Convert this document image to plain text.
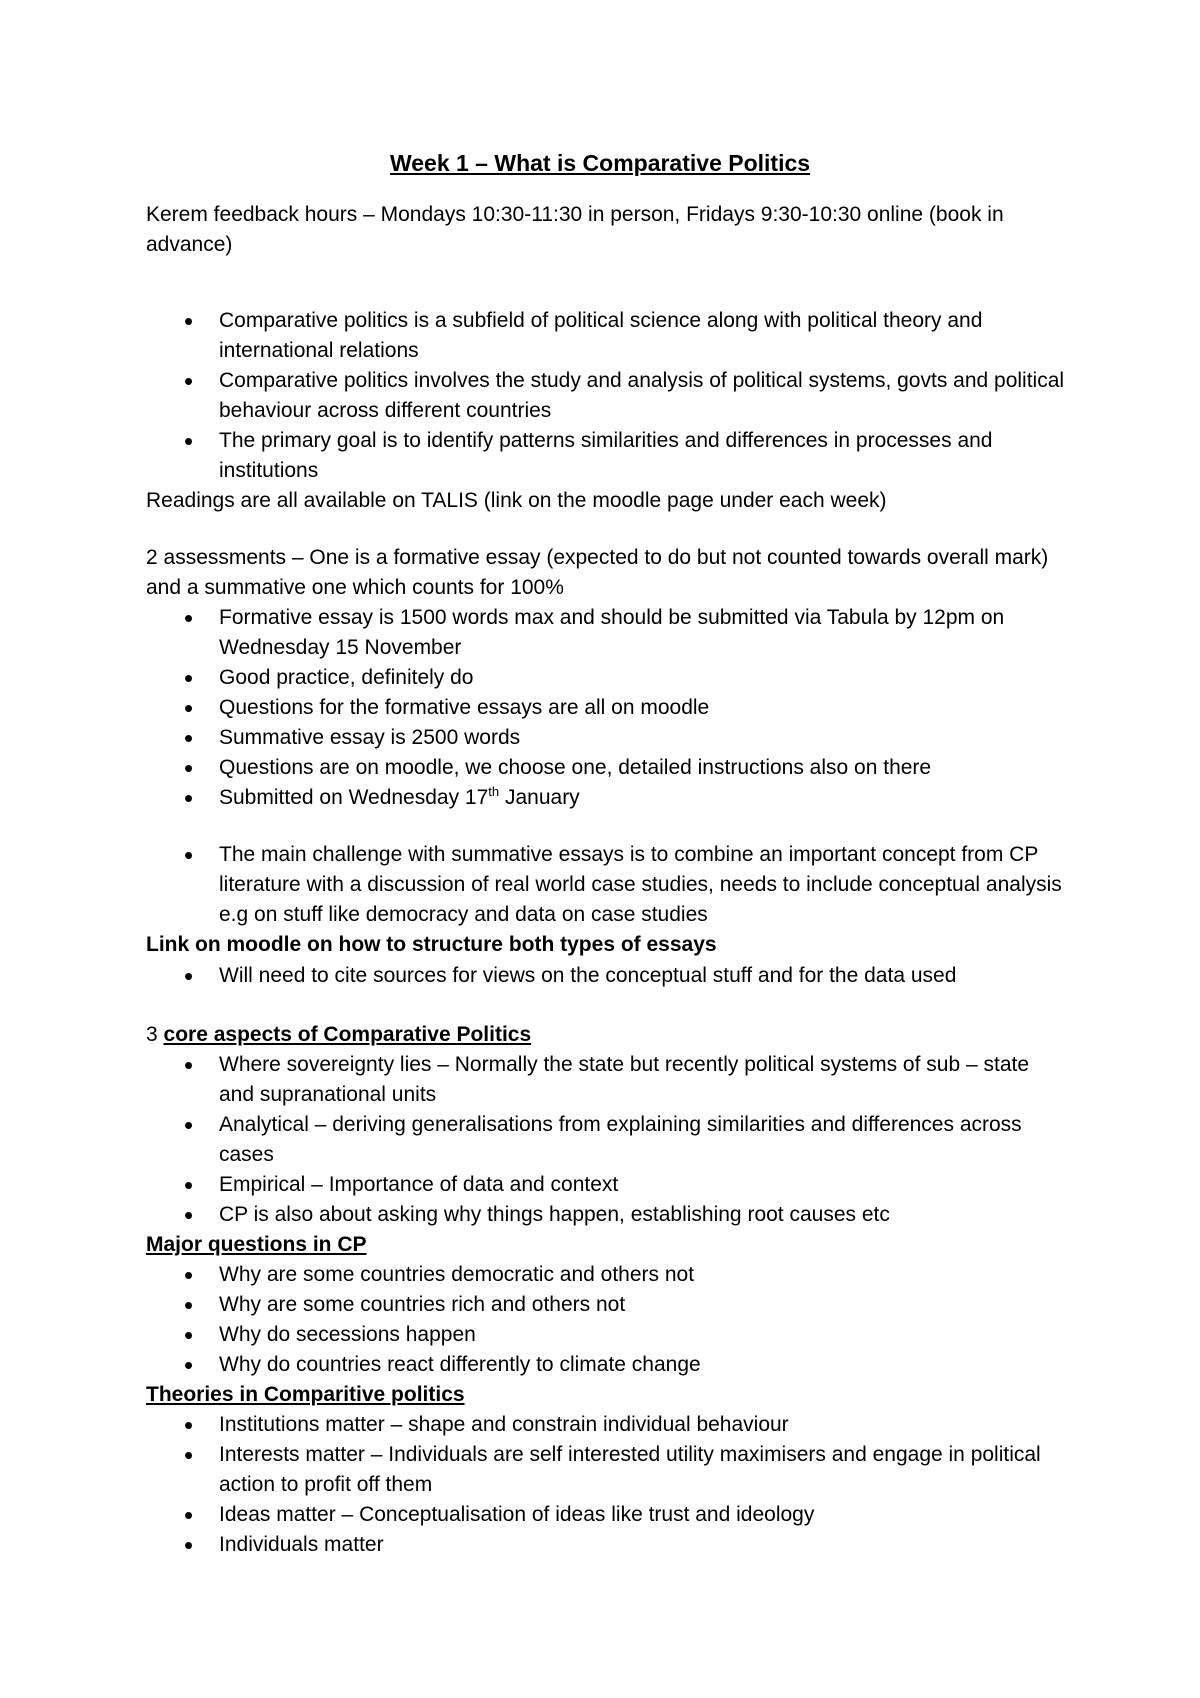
Week 1 – What is Comparative Politics

Kerem feedback hours – Mondays 10:30-11:30 in person, Fridays 9:30-10:30 online (book in advance)

• Comparative politics is a subfield of political science along with political theory and international relations
• Comparative politics involves the study and analysis of political systems, govts and political behaviour across different countries
• The primary goal is to identify patterns similarities and differences in processes and institutions

Readings are all available on TALIS (link on the moodle page under each week)

2 assessments – One is a formative essay (expected to do but not counted towards overall mark) and a summative one which counts for 100%

• Formative essay is 1500 words max and should be submitted via Tabula by 12pm on Wednesday 15 November
• Good practice, definitely do
• Questions for the formative essays are all on moodle
• Summative essay is 2500 words
• Questions are on moodle, we choose one, detailed instructions also on there
• Submitted on Wednesday 17th January
• The main challenge with summative essays is to combine an important concept from CP literature with a discussion of real world case studies, needs to include conceptual analysis e.g on stuff like democracy and data on case studies

Link on moodle on how to structure both types of essays

• Will need to cite sources for views on the conceptual stuff and for the data used

3 core aspects of Comparative Politics

• Where sovereignty lies – Normally the state but recently political systems of sub – state and supranational units
• Analytical – deriving generalisations from explaining similarities and differences across cases
• Empirical – Importance of data and context
• CP is also about asking why things happen, establishing root causes etc

Major questions in CP

• Why are some countries democratic and others not
• Why are some countries rich and others not
• Why do secessions happen
• Why do countries react differently to climate change

Theories in Comparitive politics

• Institutions matter – shape and constrain individual behaviour
• Interests matter – Individuals are self interested utility maximisers and engage in political action to profit off them
• Ideas matter – Conceptualisation of ideas like trust and ideology
• Individuals matter
